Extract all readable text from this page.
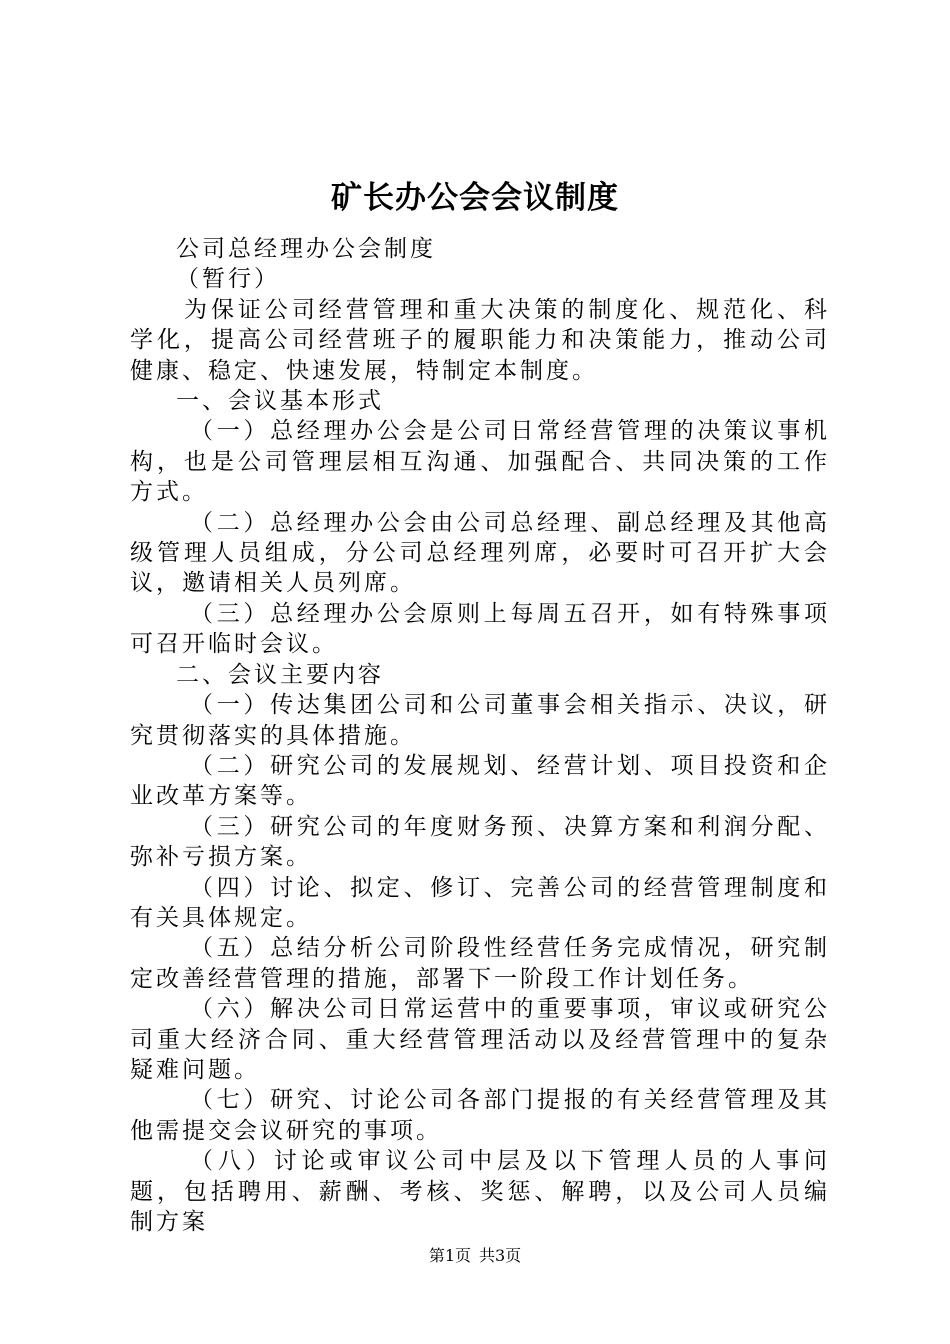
矿长办公会会议制度

公司总经理办公会制度

（暂行）

为保证公司经营管理和重大决策的制度化、规范化、科学化，提高公司经营班子的履职能力和决策能力，推动公司健康、稳定、快速发展，特制定本制度。

一、会议基本形式

（一）总经理办公会是公司日常经营管理的决策议事机构，也是公司管理层相互沟通、加强配合、共同决策的工作方式。

（二）总经理办公会由公司总经理、副总经理及其他高级管理人员组成，分公司总经理列席，必要时可召开扩大会议，邀请相关人员列席。

（三）总经理办公会原则上每周五召开，如有特殊事项可召开临时会议。

二、会议主要内容

（一）传达集团公司和公司董事会相关指示、决议，研究贯彻落实的具体措施。

（二）研究公司的发展规划、经营计划、项目投资和企业改革方案等。

（三）研究公司的年度财务预、决算方案和利润分配、弥补亏损方案。

（四）讨论、拟定、修订、完善公司的经营管理制度和有关具体规定。

（五）总结分析公司阶段性经营任务完成情况，研究制定改善经营管理的措施，部署下一阶段工作计划任务。

（六）解决公司日常运营中的重要事项，审议或研究公司重大经济合同、重大经营管理活动以及经营管理中的复杂疑难问题。

（七）研究、讨论公司各部门提报的有关经营管理及其他需提交会议研究的事项。

（八）讨论或审议公司中层及以下管理人员的人事问题，包括聘用、薪酬、考核、奖惩、解聘，以及公司人员编制方案

第1页 共3页
